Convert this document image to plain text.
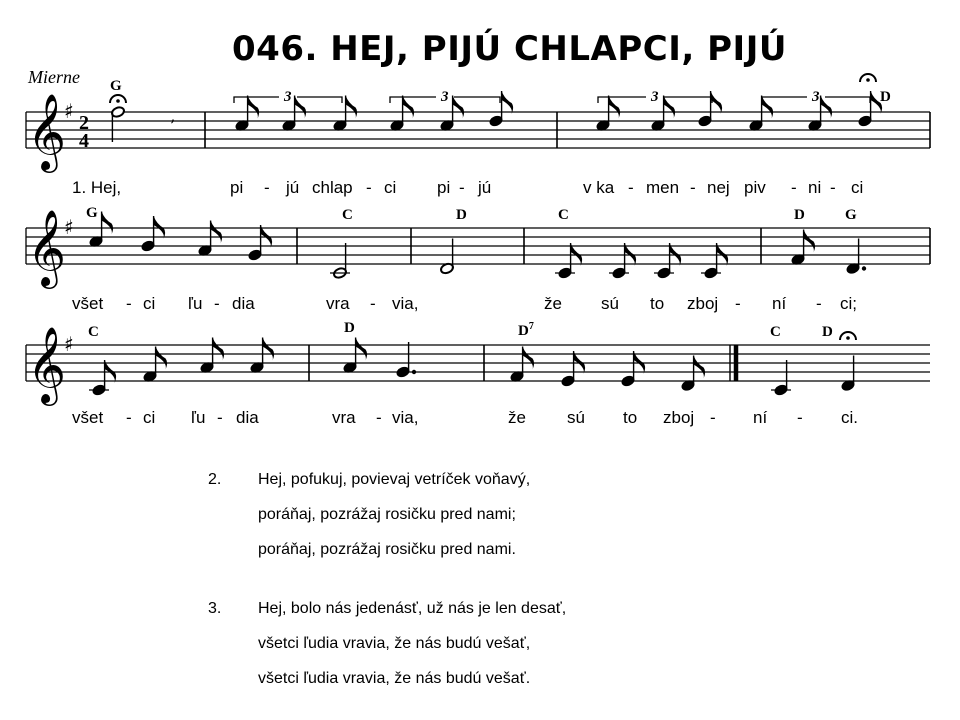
046. HEJ, PIJÚ CHLAPCI, PIJÚ
Mierne
𝄞
♯ 2
4
𝄞
♯
𝄞
♯
’
G
D
G	C	D	C	D	G
C	D	$D^7$	C	D
3	3	3	3
1. Hej,	pi - jú chlap - ci pi - jú	v ka - men - nej piv - ni - ci
všet - ci ľu - dia	vra - via,	že sú to zboj - ní - ci;
všet - ci ľu - dia	vra - via,	že sú to zboj - ní - ci.
2. Hej, pofukuj, povievaj vetríček voňavý,
poráňaj, pozrážaj rosičku pred nami;
poráňaj, pozrážaj rosičku pred nami.
3. Hej, bolo nás jedenásť, už nás je len desať,
všetci ľudia vravia, že nás budú vešať,
všetci ľudia vravia, že nás budú vešať.
